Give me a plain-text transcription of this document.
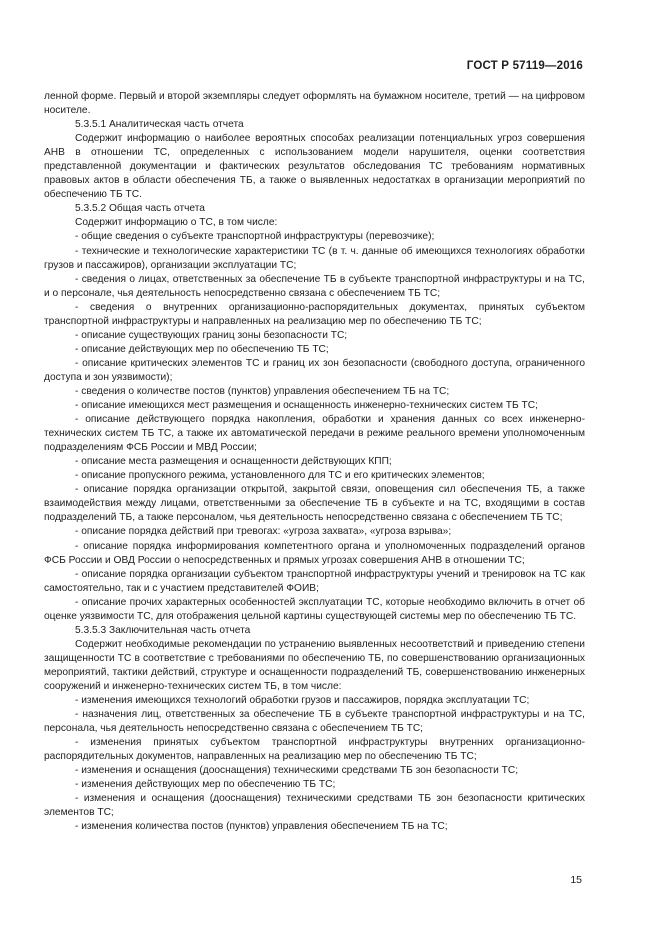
ГОСТ Р 57119—2016

ленной форме. Первый и второй экземпляры следует оформлять на бумажном носителе, третий — на цифровом носителе.

5.3.5.1 Аналитическая часть отчета

Содержит информацию о наиболее вероятных способах реализации потенциальных угроз совершения АНВ в отношении ТС, определенных с использованием модели нарушителя, оценки соответствия представленной документации и фактических результатов обследования ТС требованиям нормативных правовых актов в области обеспечения ТБ, а также о выявленных недостатках в организации мероприятий по обеспечению ТБ ТС.

5.3.5.2 Общая часть отчета

Содержит информацию о ТС, в том числе:

- общие сведения о субъекте транспортной инфраструктуры (перевозчике);

- технические и технологические характеристики ТС (в т. ч. данные об имеющихся технологиях обработки грузов и пассажиров), организации эксплуатации ТС;

- сведения о лицах, ответственных за обеспечение ТБ в субъекте транспортной инфраструктуры и на ТС, и о персонале, чья деятельность непосредственно связана с обеспечением ТБ ТС;

- сведения о внутренних организационно-распорядительных документах, принятых субъектом транспортной инфраструктуры и направленных на реализацию мер по обеспечению ТБ ТС;

- описание существующих границ зоны безопасности ТС;

- описание действующих мер по обеспечению ТБ ТС;

- описание критических элементов ТС и границ их зон безопасности (свободного доступа, ограниченного доступа и зон уязвимости);

- сведения о количестве постов (пунктов) управления обеспечением ТБ на ТС;

- описание имеющихся мест размещения и оснащенность инженерно-технических систем ТБ ТС;

- описание действующего порядка накопления, обработки и хранения данных со всех инженерно-технических систем ТБ ТС, а также их автоматической передачи в режиме реального времени уполномоченным подразделениям ФСБ России и МВД России;

- описание места размещения и оснащенности действующих КПП;

- описание пропускного режима, установленного для ТС и его критических элементов;

- описание порядка организации открытой, закрытой связи, оповещения сил обеспечения ТБ, а также взаимодействия между лицами, ответственными за обеспечение ТБ в субъекте и на ТС, входящими в состав подразделений ТБ, а также персоналом, чья деятельность непосредственно связана с обеспечением ТБ ТС;

- описание порядка действий при тревогах: «угроза захвата», «угроза взрыва»;

- описание порядка информирования компетентного органа и уполномоченных подразделений органов ФСБ России и ОВД России о непосредственных и прямых угрозах совершения АНВ в отношении ТС;

- описание порядка организации субъектом транспортной инфраструктуры учений и тренировок на ТС как самостоятельно, так и с участием представителей ФОИВ;

- описание прочих характерных особенностей эксплуатации ТС, которые необходимо включить в отчет об оценке уязвимости ТС, для отображения цельной картины существующей системы мер по обеспечению ТБ ТС.

5.3.5.3 Заключительная часть отчета

Содержит необходимые рекомендации по устранению выявленных несоответствий и приведению степени защищенности ТС в соответствие с требованиями по обеспечению ТБ, по совершенствованию организационных мероприятий, тактики действий, структуре и оснащенности подразделений ТБ, совершенствованию инженерных сооружений и инженерно-технических систем ТБ, в том числе:

- изменения имеющихся технологий обработки грузов и пассажиров, порядка эксплуатации ТС;

- назначения лиц, ответственных за обеспечение ТБ в субъекте транспортной инфраструктуры и на ТС, персонала, чья деятельность непосредственно связана с обеспечением ТБ ТС;

- изменения принятых субъектом транспортной инфраструктуры внутренних организационно-распорядительных документов, направленных на реализацию мер по обеспечению ТБ ТС;

- изменения и оснащения (дооснащения) техническими средствами ТБ зон безопасности ТС;

- изменения действующих мер по обеспечению ТБ ТС;

- изменения и оснащения (дооснащения) техническими средствами ТБ зон безопасности критических элементов ТС;

- изменения количества постов (пунктов) управления обеспечением ТБ на ТС;

15
